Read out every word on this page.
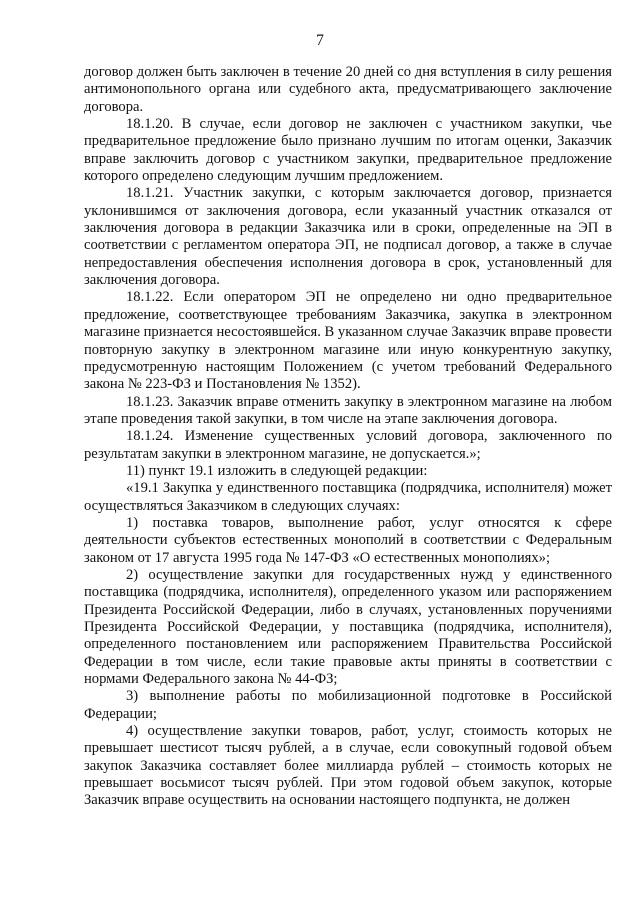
7

договор должен быть заключен в течение 20 дней со дня вступления в силу решения антимонопольного органа или судебного акта, предусматривающего заключение договора.

18.1.20. В случае, если договор не заключен с участником закупки, чье предварительное предложение было признано лучшим по итогам оценки, Заказчик вправе заключить договор с участником закупки, предварительное предложение которого определено следующим лучшим предложением.

18.1.21. Участник закупки, с которым заключается договор, признается уклонившимся от заключения договора, если указанный участник отказался от заключения договора в редакции Заказчика или в сроки, определенные на ЭП в соответствии с регламентом оператора ЭП, не подписал договор, а также в случае непредоставления обеспечения исполнения договора в срок, установленный для заключения договора.

18.1.22. Если оператором ЭП не определено ни одно предварительное предложение, соответствующее требованиям Заказчика, закупка в электронном магазине признается несостоявшейся. В указанном случае Заказчик вправе провести повторную закупку в электронном магазине или иную конкурентную закупку, предусмотренную настоящим Положением (с учетом требований Федерального закона № 223-ФЗ и Постановления № 1352).

18.1.23. Заказчик вправе отменить закупку в электронном магазине на любом этапе проведения такой закупки, в том числе на этапе заключения договора.

18.1.24. Изменение существенных условий договора, заключенного по результатам закупки в электронном магазине, не допускается.»;

11) пункт 19.1 изложить в следующей редакции:

«19.1 Закупка у единственного поставщика (подрядчика, исполнителя) может осуществляться Заказчиком в следующих случаях:

1) поставка товаров, выполнение работ, услуг относятся к сфере деятельности субъектов естественных монополий в соответствии с Федеральным законом от 17 августа 1995 года № 147-ФЗ «О естественных монополиях»;

2) осуществление закупки для государственных нужд у единственного поставщика (подрядчика, исполнителя), определенного указом или распоряжением Президента Российской Федерации, либо в случаях, установленных поручениями Президента Российской Федерации, у поставщика (подрядчика, исполнителя), определенного постановлением или распоряжением Правительства Российской Федерации в том числе, если такие правовые акты приняты в соответствии с нормами Федерального закона № 44-ФЗ;

3) выполнение работы по мобилизационной подготовке в Российской Федерации;

4) осуществление закупки товаров, работ, услуг, стоимость которых не превышает шестисот тысяч рублей, а в случае, если совокупный годовой объем закупок Заказчика составляет более миллиарда рублей – стоимость которых не превышает восьмисот тысяч рублей. При этом годовой объем закупок, которые Заказчик вправе осуществить на основании настоящего подпункта, не должен
